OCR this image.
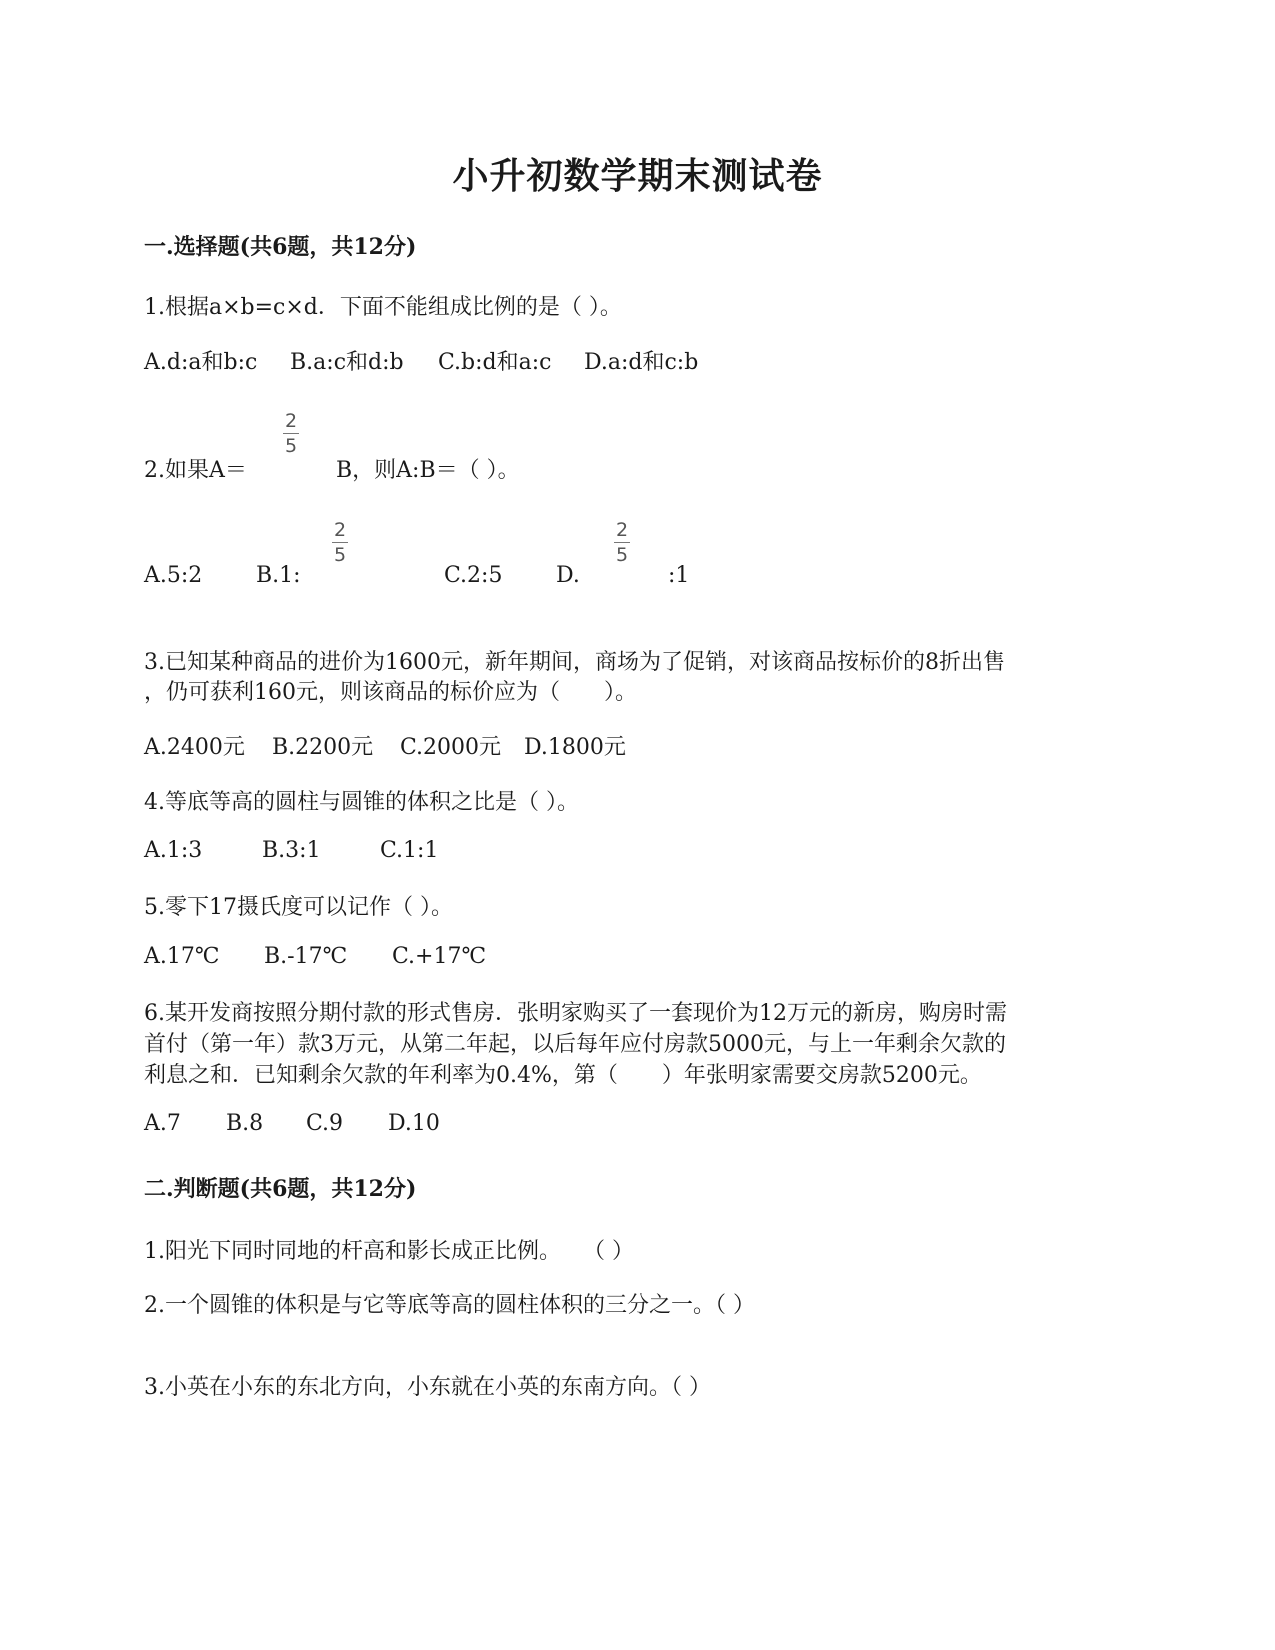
小升初数学期末测试卷
一.选择题(共6题，共12分)
1.根据a×b=c×d．下面不能组成比例的是（ ）。
A.d:a和b:c B.a:c和d:b C.b:d和a:c D.a:d和c:b
2.如果A＝
2
5
B，则A:B＝（ ）。
A.5:2 B.1:
2
5
C.2:5 D.
2
5
:1
3.已知某种商品的进价为1600元，新年期间，商场为了促销，对该商品按标价的8折出售
，仍可获利160元，则该商品的标价应为（　　）。
A.2400元 B.2200元 C.2000元 D.1800元
4.等底等高的圆柱与圆锥的体积之比是（ ）。
A.1:3	B.3:1	C.1:1
5.零下17摄氏度可以记作（ ）。
A.17℃ B.-17℃ C.+17℃
6.某开发商按照分期付款的形式售房．张明家购买了一套现价为12万元的新房，购房时需
首付（第一年）款3万元，从第二年起，以后每年应付房款5000元，与上一年剩余欠款的
利息之和．已知剩余欠款的年利率为0.4%，第（　　）年张明家需要交房款5200元。
A.7 B.8 C.9 D.10
二.判断题(共6题，共12分)
1.阳光下同时同地的杆高和影长成正比例。　　（ ）
2.一个圆锥的体积是与它等底等高的圆柱体积的三分之一。（ ）
3.小英在小东的东北方向，小东就在小英的东南方向。（ ）
